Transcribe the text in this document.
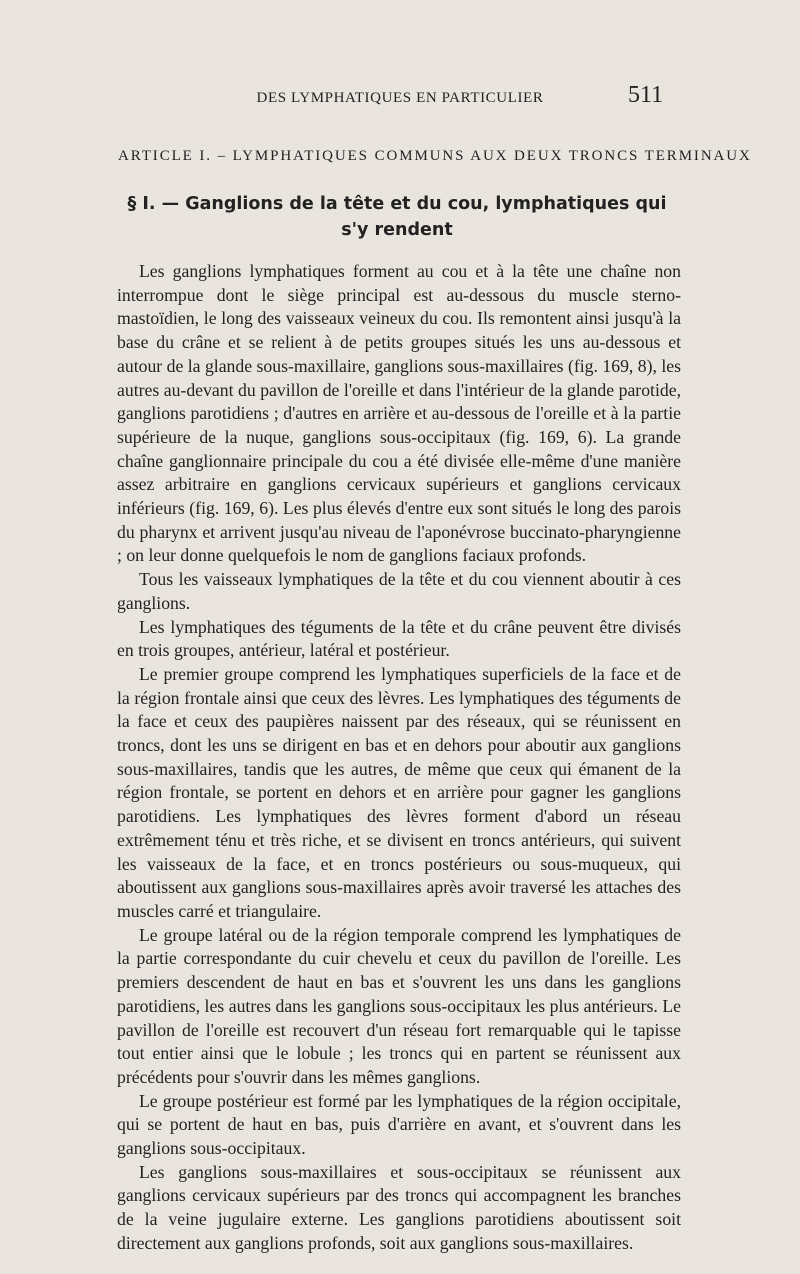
DES LYMPHATIQUES EN PARTICULIER	511
ARTICLE I. – LYMPHATIQUES COMMUNS AUX DEUX TRONCS TERMINAUX
§ I. — Ganglions de la tête et du cou, lymphatiques qui s'y rendent

Les ganglions lymphatiques forment au cou et à la tête une chaîne non interrompue dont le siège principal est au-dessous du muscle sterno-mastoïdien, le long des vaisseaux veineux du cou. Ils remontent ainsi jusqu'à la base du crâne et se relient à de petits groupes situés les uns au-dessous et autour de la glande sous-maxillaire, ganglions sous-maxillaires (fig. 169, 8), les autres au-devant du pavillon de l'oreille et dans l'intérieur de la glande parotide, ganglions parotidiens ; d'autres en arrière et au-dessous de l'oreille et à la partie supérieure de la nuque, ganglions sous-occipitaux (fig. 169, 6). La grande chaîne ganglionnaire principale du cou a été divisée elle-même d'une manière assez arbitraire en ganglions cervicaux supérieurs et ganglions cervicaux inférieurs (fig. 169, 6). Les plus élevés d'entre eux sont situés le long des parois du pharynx et arrivent jusqu'au niveau de l'aponévrose buccinato-pharyngienne ; on leur donne quelquefois le nom de ganglions faciaux profonds.

Tous les vaisseaux lymphatiques de la tête et du cou viennent aboutir à ces ganglions.

Les lymphatiques des téguments de la tête et du crâne peuvent être divisés en trois groupes, antérieur, latéral et postérieur.

Le premier groupe comprend les lymphatiques superficiels de la face et de la région frontale ainsi que ceux des lèvres. Les lymphatiques des téguments de la face et ceux des paupières naissent par des réseaux, qui se réunissent en troncs, dont les uns se dirigent en bas et en dehors pour aboutir aux ganglions sous-maxillaires, tandis que les autres, de même que ceux qui émanent de la région frontale, se portent en dehors et en arrière pour gagner les ganglions parotidiens. Les lymphatiques des lèvres forment d'abord un réseau extrêmement ténu et très riche, et se divisent en troncs antérieurs, qui suivent les vaisseaux de la face, et en troncs postérieurs ou sous-muqueux, qui aboutissent aux ganglions sous-maxillaires après avoir traversé les attaches des muscles carré et triangulaire.

Le groupe latéral ou de la région temporale comprend les lymphatiques de la partie correspondante du cuir chevelu et ceux du pavillon de l'oreille. Les premiers descendent de haut en bas et s'ouvrent les uns dans les ganglions parotidiens, les autres dans les ganglions sous-occipitaux les plus antérieurs. Le pavillon de l'oreille est recouvert d'un réseau fort remarquable qui le tapisse tout entier ainsi que le lobule ; les troncs qui en partent se réunissent aux précédents pour s'ouvrir dans les mêmes ganglions.

Le groupe postérieur est formé par les lymphatiques de la région occipitale, qui se portent de haut en bas, puis d'arrière en avant, et s'ouvrent dans les ganglions sous-occipitaux.

Les ganglions sous-maxillaires et sous-occipitaux se réunissent aux ganglions cervicaux supérieurs par des troncs qui accompagnent les branches de la veine jugulaire externe. Les ganglions parotidiens aboutissent soit directement aux ganglions profonds, soit aux ganglions sous-maxillaires.
